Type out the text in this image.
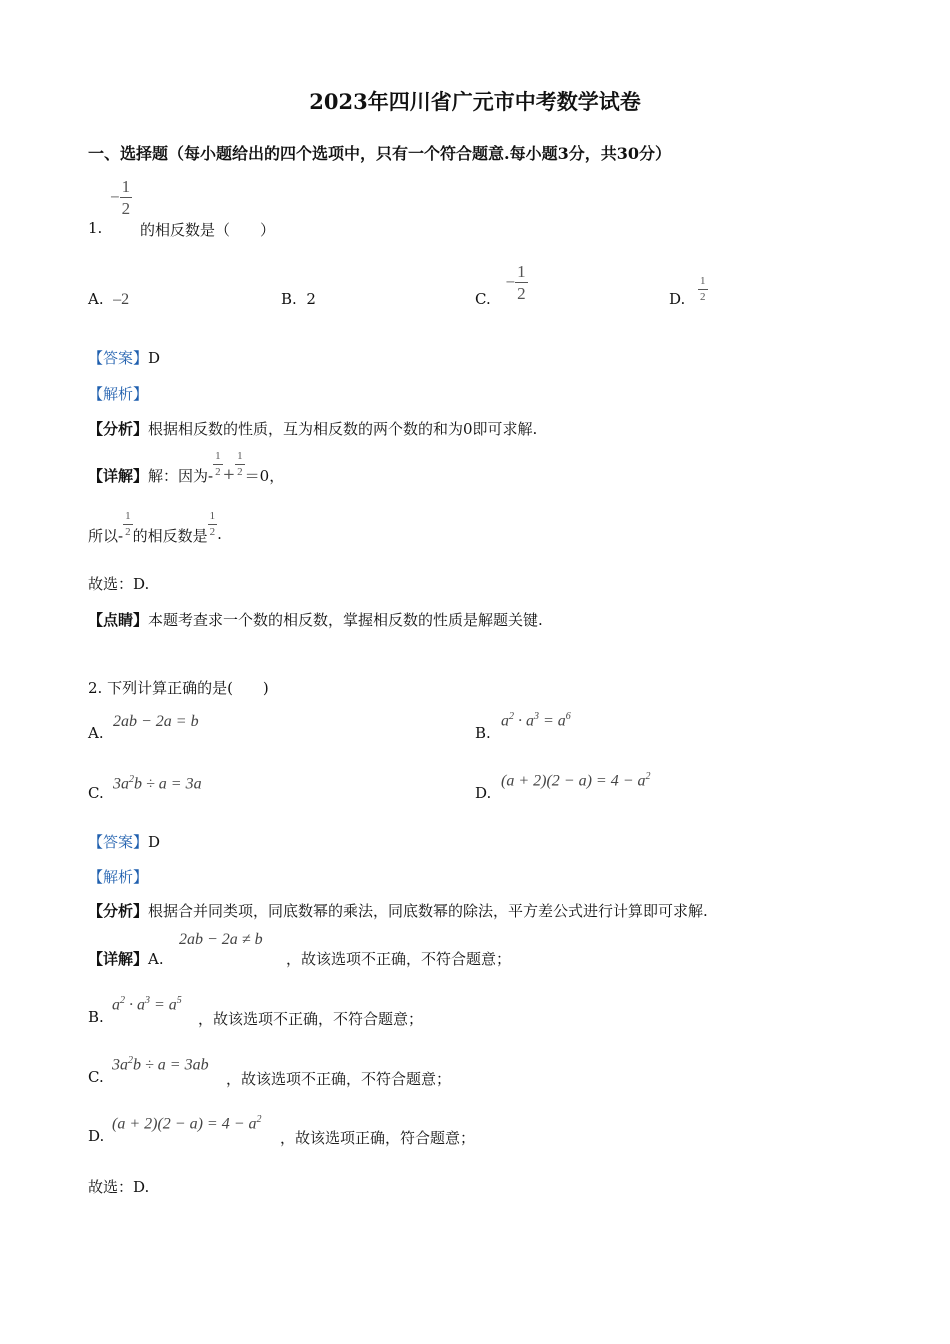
2023年四川省广元市中考数学试卷
一、选择题（每小题给出的四个选项中，只有一个符合题意.每小题3分，共30分）
1.
− $\frac{1}{2}$
的相反数是（　　）
A. –2	B. 2	C. − $\frac{1}{2}$	D. $\frac{1}{2}$
【答案】D
【解析】
【分析】根据相反数的性质，互为相反数的两个数的和为0即可求解.
【详解】解：因为- $\frac{1}{2} + \frac{1}{2} =0$，
所以- $\frac{1}{2}$ 的相反数是 $\frac{1}{2}$ .
故选：D.
【点睛】本题考查求一个数的相反数，掌握相反数的性质是解题关键.
2. 下列计算正确的是(　　)
A.
2ab − 2a = b
B.
$a^2 \cdot a^3 = a^6$
C.
$3a^2b \div a = 3a$
D.
$(a + 2)(2 - a) = 4 - a^2$
【答案】D
【解析】
【分析】根据合并同类项，同底数幂的乘法，同底数幂的除法，平方差公式进行计算即可求解.
【详解】A.
2ab − 2a ≠ b
，故该选项不正确，不符合题意；
B.
$a^2 \cdot a^3 = a^5$
，故该选项不正确，不符合题意；
C.
$3a^2b \div a = 3ab$
，故该选项不正确，不符合题意；
D.
$(a + 2)(2 - a) = 4 - a^2$
，故该选项正确，符合题意；
故选：D.
